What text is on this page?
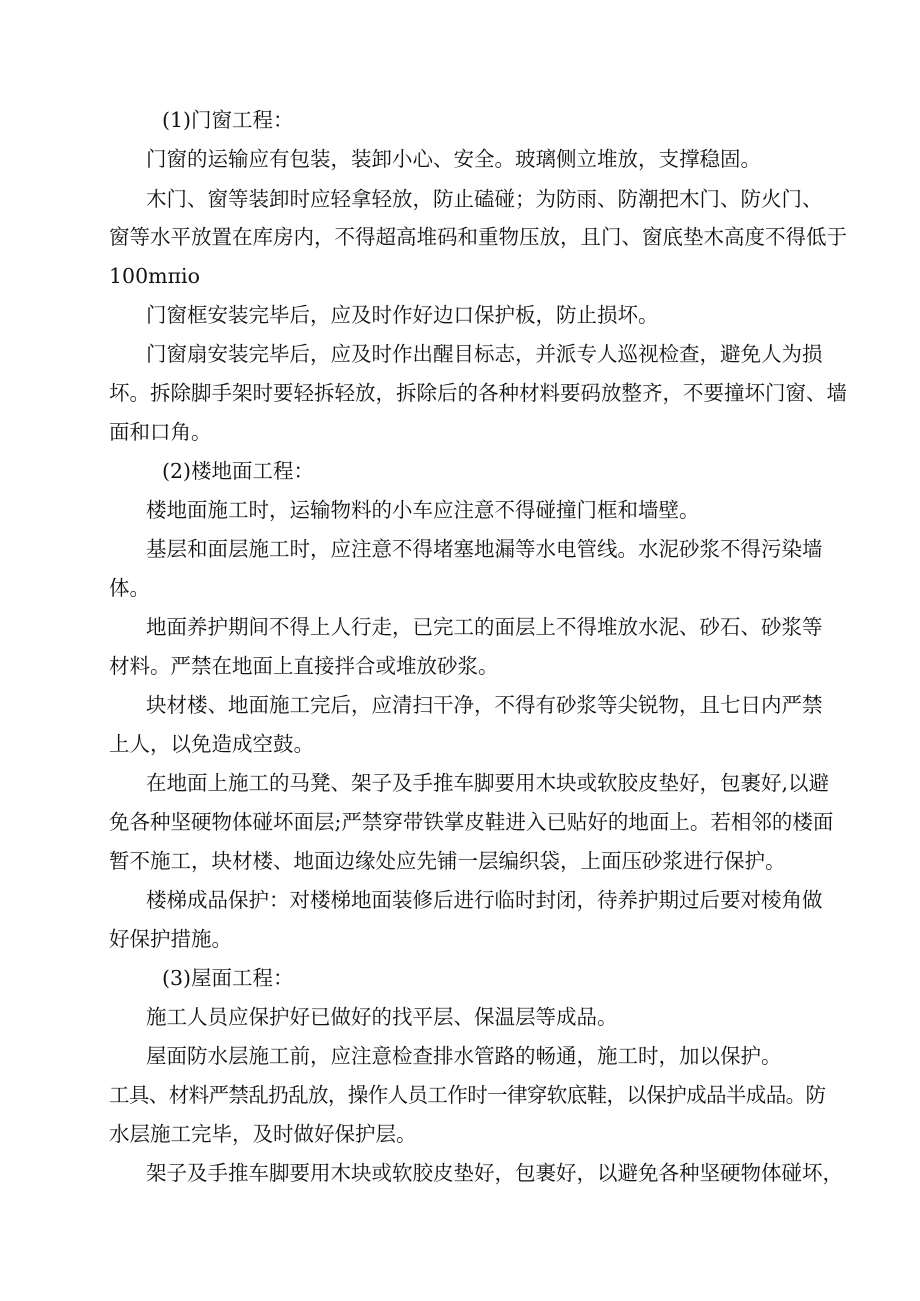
(1)门窗工程：
门窗的运输应有包装，装卸小心、安全。玻璃侧立堆放，支撑稳固。
木门、窗等装卸时应轻拿轻放，防止磕碰；为防雨、防潮把木门、防火门、
窗等水平放置在库房内，不得超高堆码和重物压放，且门、窗底垫木高度不得低于
100mπio
门窗框安装完毕后，应及时作好边口保护板，防止损坏。
门窗扇安装完毕后，应及时作出醒目标志，并派专人巡视检查，避免人为损
坏。拆除脚手架时要轻拆轻放，拆除后的各种材料要码放整齐，不要撞坏门窗、墙
面和口角。
(2)楼地面工程：
楼地面施工时，运输物料的小车应注意不得碰撞门框和墙壁。
基层和面层施工时，应注意不得堵塞地漏等水电管线。水泥砂浆不得污染墙
体。
地面养护期间不得上人行走，已完工的面层上不得堆放水泥、砂石、砂浆等
材料。严禁在地面上直接拌合或堆放砂浆。
块材楼、地面施工完后，应清扫干净，不得有砂浆等尖锐物，且七日内严禁
上人，以免造成空鼓。
在地面上施工的马凳、架子及手推车脚要用木块或软胶皮垫好，包裹好,以避
免各种坚硬物体碰坏面层;严禁穿带铁掌皮鞋进入已贴好的地面上。若相邻的楼面
暂不施工，块材楼、地面边缘处应先铺一层编织袋，上面压砂浆进行保护。
楼梯成品保护：对楼梯地面装修后进行临时封闭，待养护期过后要对棱角做
好保护措施。
(3)屋面工程：
施工人员应保护好已做好的找平层、保温层等成品。
屋面防水层施工前，应注意检查排水管路的畅通，施工时，加以保护。
工具、材料严禁乱扔乱放，操作人员工作时一律穿软底鞋，以保护成品半成品。防
水层施工完毕，及时做好保护层。
架子及手推车脚要用木块或软胶皮垫好，包裹好，以避免各种坚硬物体碰坏，
